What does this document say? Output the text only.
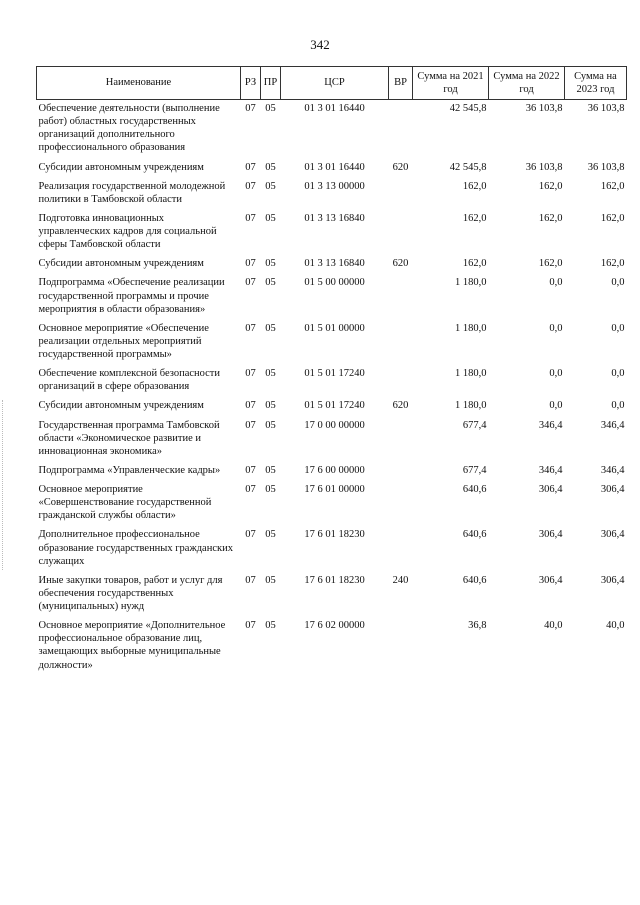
342
Наименование	РЗ	ПР	ЦСР	ВР	Сумма на 2021 год	Сумма на 2022 год	Сумма на 2023 год
Обеспечение деятельности (выполнение работ) областных государственных организаций дополнительного профессионального образования	07	05	01 3 01 16440		42 545,8	36 103,8	36 103,8
Субсидии автономным учреждениям	07	05	01 3 01 16440	620	42 545,8	36 103,8	36 103,8
Реализация государственной молодежной политики в Тамбовской области	07	05	01 3 13 00000		162,0	162,0	162,0
Подготовка инновационных управленческих кадров для социальной сферы Тамбовской области	07	05	01 3 13 16840		162,0	162,0	162,0
Субсидии автономным учреждениям	07	05	01 3 13 16840	620	162,0	162,0	162,0
Подпрограмма «Обеспечение реализации государственной программы и прочие мероприятия в области образования»	07	05	01 5 00 00000		1 180,0	0,0	0,0
Основное мероприятие «Обеспечение реализации отдельных мероприятий государственной программы»	07	05	01 5 01 00000		1 180,0	0,0	0,0
Обеспечение комплексной безопасности организаций в сфере образования	07	05	01 5 01 17240		1 180,0	0,0	0,0
Субсидии автономным учреждениям	07	05	01 5 01 17240	620	1 180,0	0,0	0,0
Государственная программа Тамбовской области «Экономическое развитие и инновационная экономика»	07	05	17 0 00 00000		677,4	346,4	346,4
Подпрограмма «Управленческие кадры»	07	05	17 6 00 00000		677,4	346,4	346,4
Основное мероприятие «Совершенствование государственной гражданской службы области»	07	05	17 6 01 00000		640,6	306,4	306,4
Дополнительное профессиональное образование государственных гражданских служащих	07	05	17 6 01 18230		640,6	306,4	306,4
Иные закупки товаров, работ и услуг для обеспечения государственных (муниципальных) нужд	07	05	17 6 01 18230	240	640,6	306,4	306,4
Основное мероприятие «Дополнительное профессиональное образование лиц, замещающих выборные муниципальные должности»	07	05	17 6 02 00000		36,8	40,0	40,0
